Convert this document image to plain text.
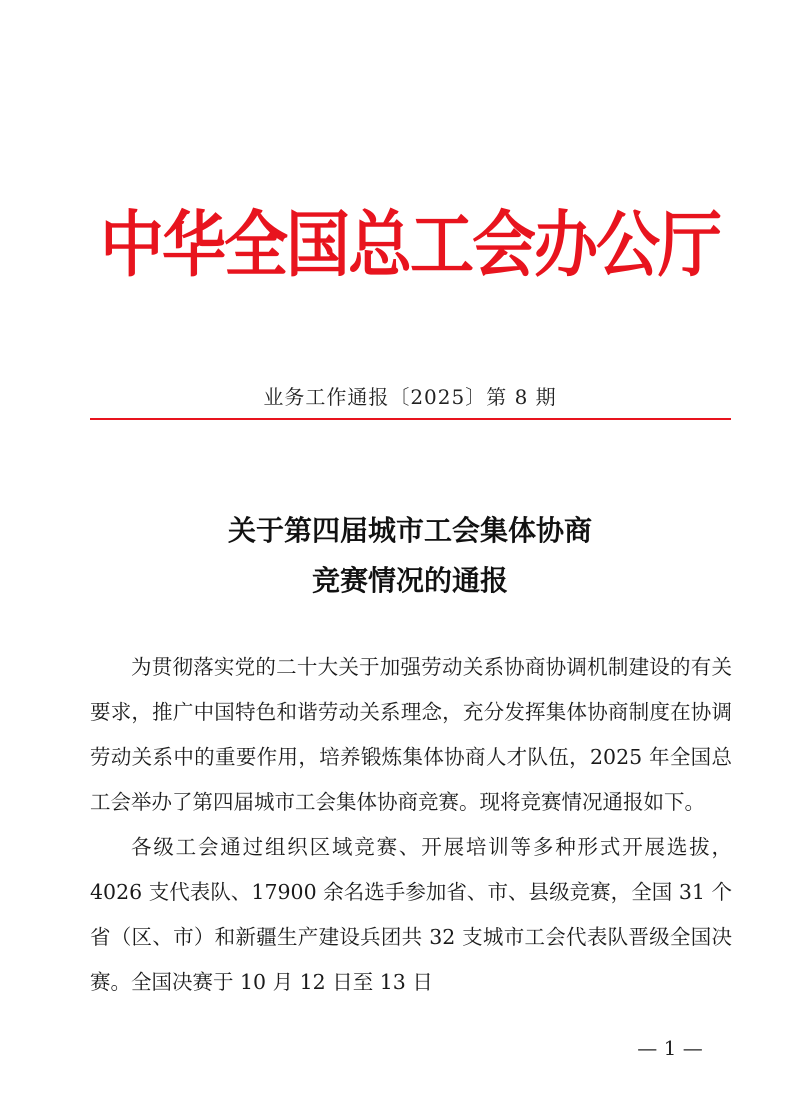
中华全国总工会办公厅
业务工作通报〔2025〕第 8 期
关于第四届城市工会集体协商
竞赛情况的通报

为贯彻落实党的二十大关于加强劳动关系协商协调机制建设的有关要求，推广中国特色和谐劳动关系理念，充分发挥集体协商制度在协调劳动关系中的重要作用，培养锻炼集体协商人才队伍，2025 年全国总工会举办了第四届城市工会集体协商竞赛。现将竞赛情况通报如下。

各级工会通过组织区域竞赛、开展培训等多种形式开展选拔，4026 支代表队、17900 余名选手参加省、市、县级竞赛，全国 31 个省（区、市）和新疆生产建设兵团共 32 支城市工会代表队晋级全国决赛。全国决赛于 10 月 12 日至 13 日

— 1 —
